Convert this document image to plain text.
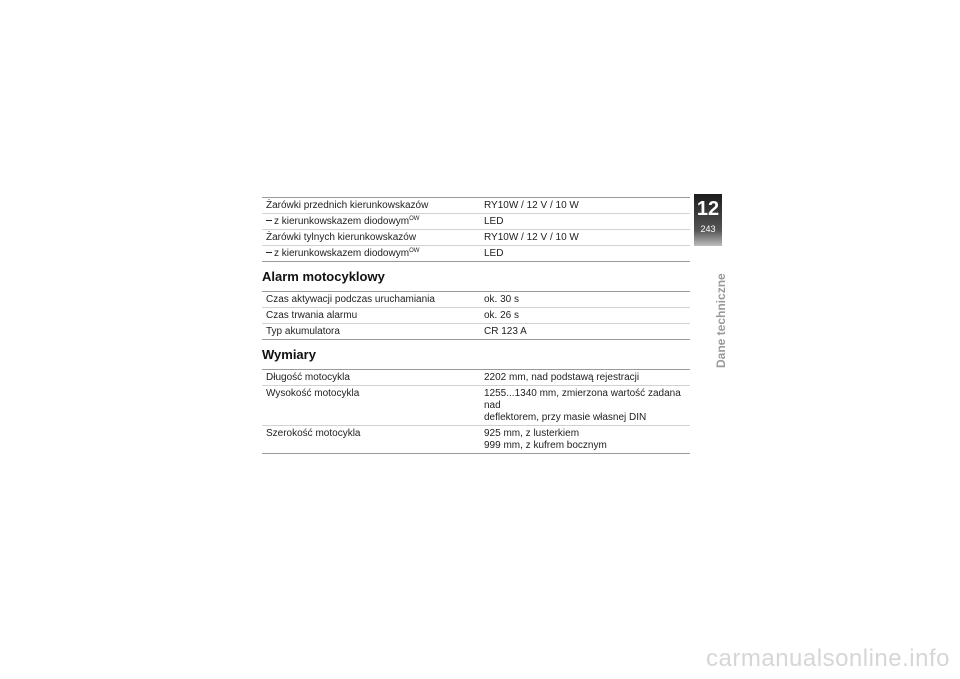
Żarówki przednich kierunkowskazów	RY10W / 12 V / 10 W
z kierunkowskazem diodowym$^{OW}$	LED
Żarówki tylnych kierunkowskazów	RY10W / 12 V / 10 W
z kierunkowskazem diodowym$^{OW}$	LED
Alarm motocyklowy
Czas aktywacji podczas uruchamiania	ok. 30 s
Czas trwania alarmu	ok. 26 s
Typ akumulatora	CR 123 A
Wymiary
Długość motocykla	2202 mm, nad podstawą rejestracji
Wysokość motocykla	1255...1340 mm, zmierzona wartość zadana nad
deflektorem, przy masie własnej DIN

Szerokość motocykla	925 mm, z lusterkiem
999 mm, z kufrem bocznym
12
243
Dane techniczne
carmanualsonline.info
